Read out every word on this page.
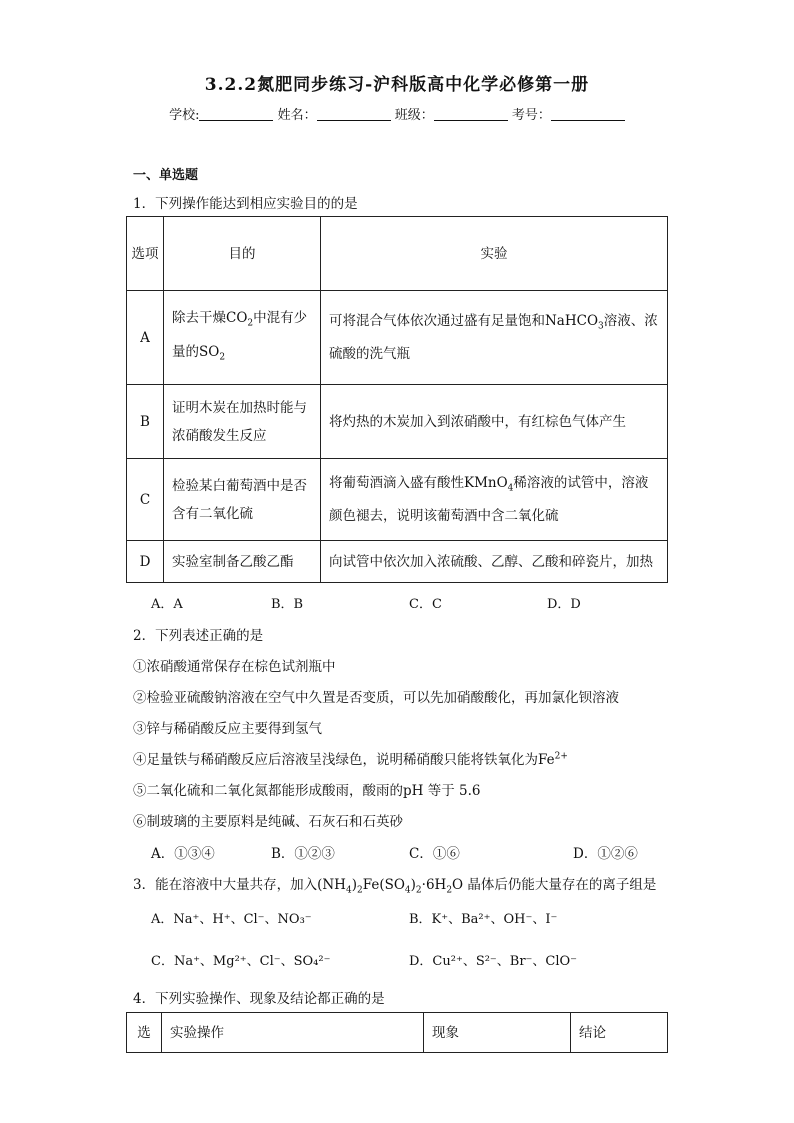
3.2.2氮肥同步练习-沪科版高中化学必修第一册
学校:	姓名：	班级：	考号：
一、单选题
1．下列操作能达到相应实验目的的是
选项	目的	实验
A	除去干燥$CO_2$中混有少量的$SO_2$	可将混合气体依次通过盛有足量饱和NaHCO$_3$溶液、浓硫酸的洗气瓶
B	证明木炭在加热时能与浓硝酸发生反应	将灼热的木炭加入到浓硝酸中，有红棕色气体产生
C	检验某白葡萄酒中是否含有二氧化硫	将葡萄酒滴入盛有酸性KMnO$_4$稀溶液的试管中，溶液颜色褪去，说明该葡萄酒中含二氧化硫
D	实验室制备乙酸乙酯	向试管中依次加入浓硫酸、乙醇、乙酸和碎瓷片，加热
A．A	B．B	C．C	D．D
2．下列表述正确的是
①浓硝酸通常保存在棕色试剂瓶中
②检验亚硫酸钠溶液在空气中久置是否变质，可以先加硝酸酸化，再加氯化钡溶液
③锌与稀硝酸反应主要得到氢气
④足量铁与稀硝酸反应后溶液呈浅绿色，说明稀硝酸只能将铁氧化为$Fe^{2+}$
⑤二氧化硫和二氧化氮都能形成酸雨，酸雨的pH 等于 5.6
⑥制玻璃的主要原料是纯碱、石灰石和石英砂
A．①③④	B．①②③	C．①⑥	D．①②⑥
3．能在溶液中大量共存，加入$(NH_4)_2Fe(SO_4)_2\cdot 6H_2O$ 晶体后仍能大量存在的离子组是
A．Na⁺、H⁺、Cl⁻、NO₃⁻	B．K⁺、Ba²⁺、OH⁻、I⁻
C．Na⁺、Mg²⁺、Cl⁻、SO₄²⁻	D．Cu²⁺、S²⁻、Br⁻、ClO⁻
4．下列实验操作、现象及结论都正确的是
选	实验操作	现象	结论
